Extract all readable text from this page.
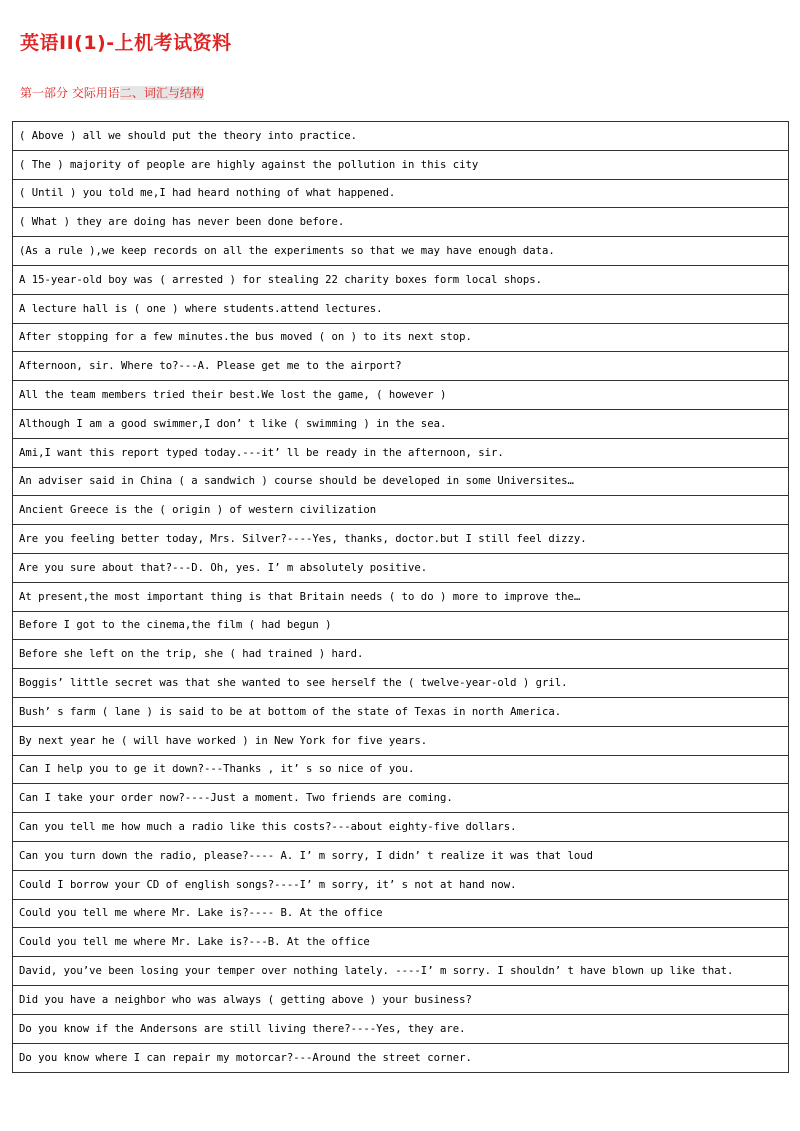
英语II(1)-上机考试资料
第一部分 交际用语二、词汇与结构
( Above ) all we should put the theory into practice.
( The ) majority of people are highly against the pollution in this city
( Until ) you told me,I had heard nothing of what happened.
( What ) they are doing has never been done before.
(As a rule ),we keep records on all the experiments so that we may have enough data.
A 15-year-old boy was ( arrested ) for stealing 22 charity boxes form local shops.
A lecture hall is ( one ) where students.attend lectures.
After stopping for a few minutes.the bus moved ( on ) to its next stop.
Afternoon, sir. Where to?---A. Please get me to the airport?
All the team members tried their best.We lost the game, ( however )
Although I am a good swimmer,I don’ t like ( swimming ) in the sea.
Ami,I want this report typed today.---it’ ll be ready in the afternoon, sir.
An adviser said in China ( a sandwich ) course should be developed in some Universites…
Ancient Greece is the ( origin ) of western civilization
Are you feeling better today, Mrs. Silver?----Yes, thanks, doctor.but I still feel dizzy.
Are you sure about that?---D. Oh, yes. I’ m absolutely positive.
At present,the most important thing is that Britain needs ( to do ) more to improve the…
Before I got to the cinema,the film ( had begun )
Before she left on the trip, she ( had trained ) hard.
Boggis’ little secret was that she wanted to see herself the ( twelve-year-old ) gril.
Bush’ s farm ( lane ) is said to be at bottom of the state of Texas in north America.
By next year he ( will have worked ) in New York for five years.
Can I help you to ge it down?---Thanks , it’ s so nice of you.
Can I take your order now?----Just a moment. Two friends are coming.
Can you tell me how much a radio like this costs?---about eighty-five dollars.
Can you turn down the radio, please?---- A. I’ m sorry, I didn’ t realize it was that loud
Could I borrow your CD of english songs?----I’ m sorry, it’ s not at hand now.
Could you tell me where Mr. Lake is?---- B. At the office
Could you tell me where Mr. Lake is?---B. At the office
David, you’ve been losing your temper over nothing lately. ----I’ m sorry. I shouldn’ t have blown up like that.
Did you have a neighbor who was always ( getting above ) your business?
Do you know if the Andersons are still living there?----Yes, they are.
Do you know where I can repair my motorcar?---Around the street corner.
